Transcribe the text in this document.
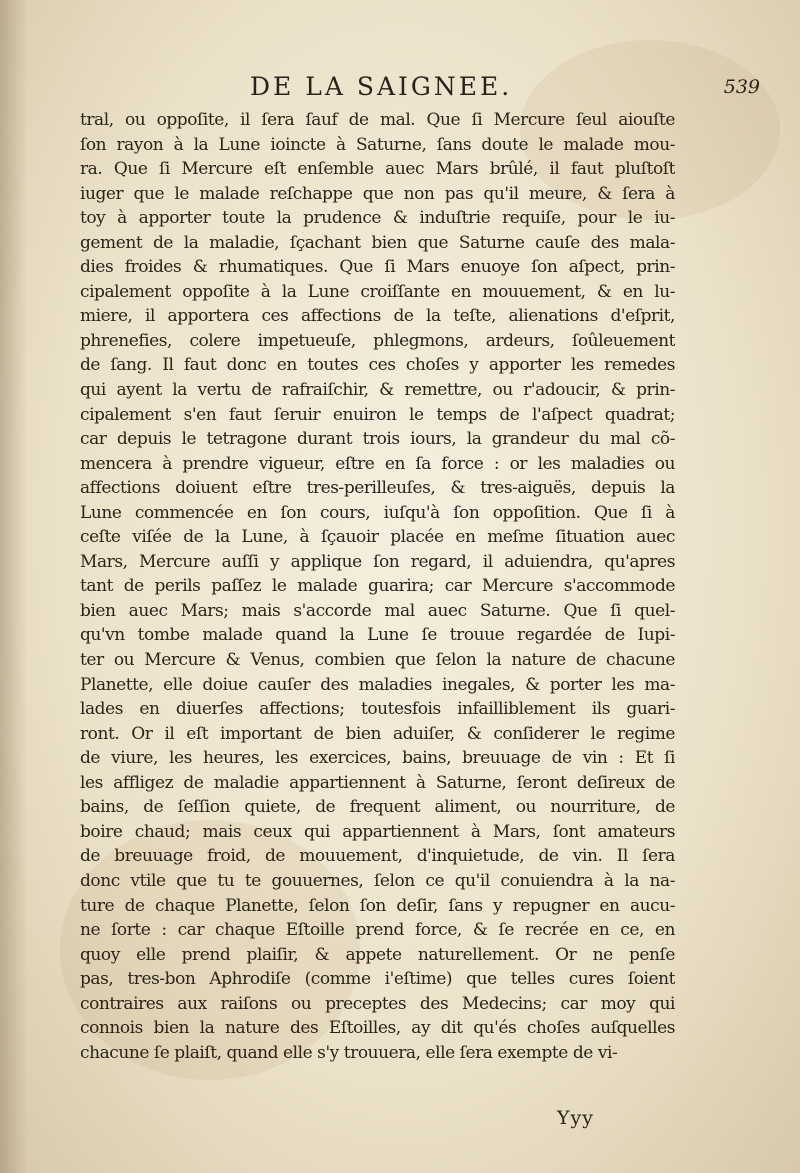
DE LA SAIGNEE.	539
tral, ou oppoſite, il ſera ſauf de mal. Que ſi Mercure ſeul aiouſte
ſon rayon à la Lune ioincte à Saturne, ſans doute le malade mou-
ra. Que ſi Mercure eſt enſemble auec Mars brûlé, il faut pluſtoſt
iuger que le malade reſchappe que non pas qu'il meure, & ſera à
toy à apporter toute la prudence & induſtrie requiſe, pour le iu-
gement de la maladie, ſçachant bien que Saturne cauſe des mala-
dies froides & rhumatiques. Que ſi Mars enuoye ſon aſpect, prin-
cipalement oppoſite à la Lune croiſſante en mouuement, & en lu-
miere, il apportera ces affections de la teſte, alienations d'eſprit,
phrenefies, colere impetueuſe, phlegmons, ardeurs, ſoûleuement
de ſang. Il faut donc en toutes ces choſes y apporter les remedes
qui ayent la vertu de rafraiſchir, & remettre, ou r'adoucir, & prin-
cipalement s'en faut ſeruir enuiron le temps de l'aſpect quadrat;
car depuis le tetragone durant trois iours, la grandeur du mal cõ-
mencera à prendre vigueur, eſtre en ſa force : or les maladies ou
affections doiuent eſtre tres-perilleuſes, & tres-aiguës, depuis la
Lune commencée en ſon cours, iuſqu'à ſon oppoſition. Que ſi à
ceſte viſée de la Lune, à ſçauoir placée en meſme ſituation auec
Mars, Mercure auſſi y applique ſon regard, il aduiendra, qu'apres
tant de perils paſſez le malade guarira; car Mercure s'accommode
bien auec Mars; mais s'accorde mal auec Saturne. Que ſi quel-
qu'vn tombe malade quand la Lune ſe trouue regardée de Iupi-
ter ou Mercure & Venus, combien que ſelon la nature de chacune
Planette, elle doiue cauſer des maladies inegales, & porter les ma-
lades en diuerſes affections; toutesfois infailliblement ils guari-
ront. Or il eſt important de bien aduiſer, & conſiderer le regime
de viure, les heures, les exercices, bains, breuuage de vin : Et ſi
les affligez de maladie appartiennent à Saturne, ſeront deſireux de
bains, de ſeſſion quiete, de frequent aliment, ou nourriture, de
boire chaud; mais ceux qui appartiennent à Mars, ſont amateurs
de breuuage froid, de mouuement, d'inquietude, de vin. Il ſera
donc vtile que tu te gouuernes, ſelon ce qu'il conuiendra à la na-
ture de chaque Planette, ſelon ſon deſir, ſans y repugner en aucu-
ne ſorte : car chaque Eſtoille prend force, & ſe recrée en ce, en
quoy elle prend plaiſir, & appete naturellement. Or ne penſe
pas, tres-bon Aphrodiſe (comme i'eſtime) que telles cures ſoient
contraires aux raiſons ou preceptes des Medecins; car moy qui
connois bien la nature des Eſtoilles, ay dit qu'és choſes auſquelles
chacune ſe plaiſt, quand elle s'y trouuera, elle ſera exempte de vi-
Yyy
